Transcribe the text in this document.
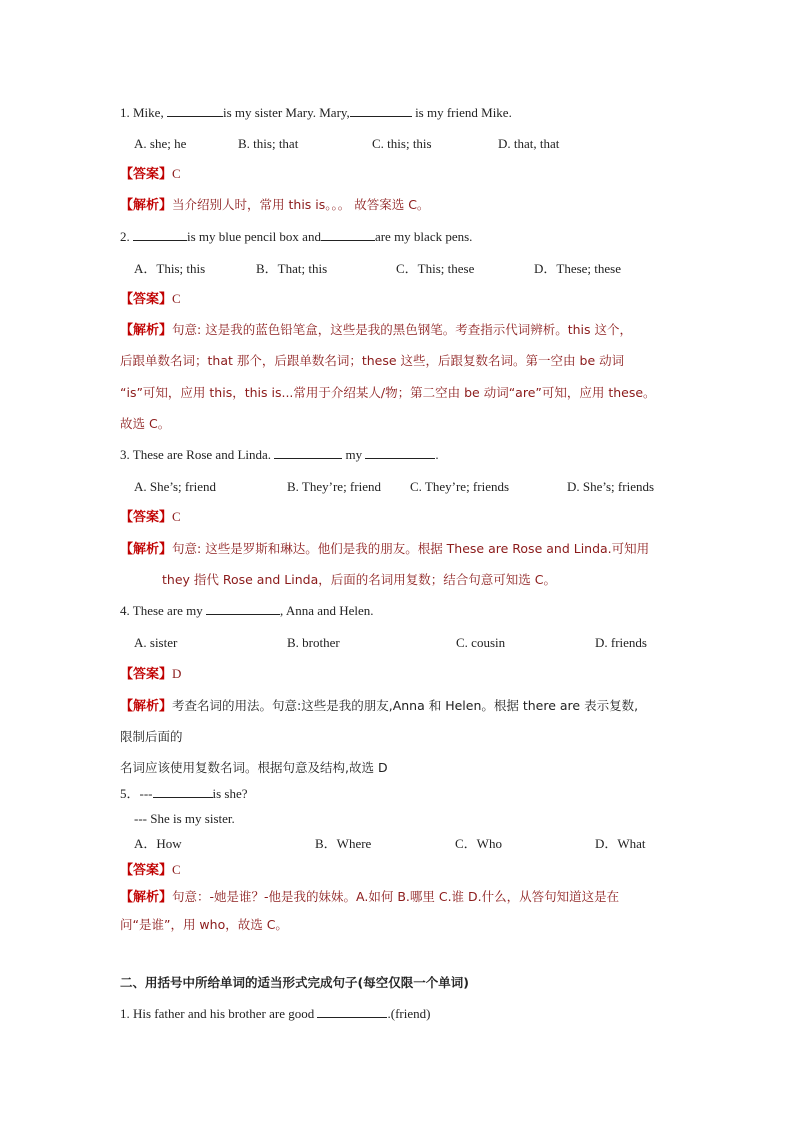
1. Mike,	is my sister Mary. Mary,	is my friend Mike.
A. she; he	B. this; that	C. this; this	D. that, that
【答案】C
【解析】当介绍别人时，常用 this is。。。 故答案选 C。
2.	is my blue pencil box and	are my black pens.
A．This; this	B．That; this	C．This; these	D．These; these
【答案】C
【解析】句意: 这是我的蓝色铅笔盒，这些是我的黑色钢笔。考查指示代词辨析。this 这个，
后跟单数名词；that 那个，后跟单数名词；these 这些，后跟复数名词。第一空由 be 动词
“is”可知，应用 this，this is...常用于介绍某人/物；第二空由 be 动词“are”可知，应用 these。
故选 C。
3. These are Rose and Linda.	my	.
A. She’s; friend	B. They’re; friend C. They’re; friends	D. She’s; friends
【答案】C
【解析】句意: 这些是罗斯和琳达。他们是我的朋友。根据 These are Rose and Linda.可知用
they 指代 Rose and Linda，后面的名词用复数；结合句意可知选 C。
4. These are my	, Anna and Helen.
A. sister	B. brother	C. cousin	D. friends
【答案】D
【解析】考查名词的用法。句意:这些是我的朋友,Anna 和 Helen。根据 there are 表示复数,
限制后面的
名词应该使用复数名词。根据句意及结构,故选 D
5．---	is she?
--- She is my sister.
A．How	B．Where	C．Who	D．What
【答案】C
【解析】句意：-她是谁？-他是我的妹妹。A.如何 B.哪里 C.谁 D.什么，从答句知道这是在
问“是谁”，用 who，故选 C。
二、用括号中所给单词的适当形式完成句子(每空仅限一个单词)
1. His father and his brother are good	.(friend)
